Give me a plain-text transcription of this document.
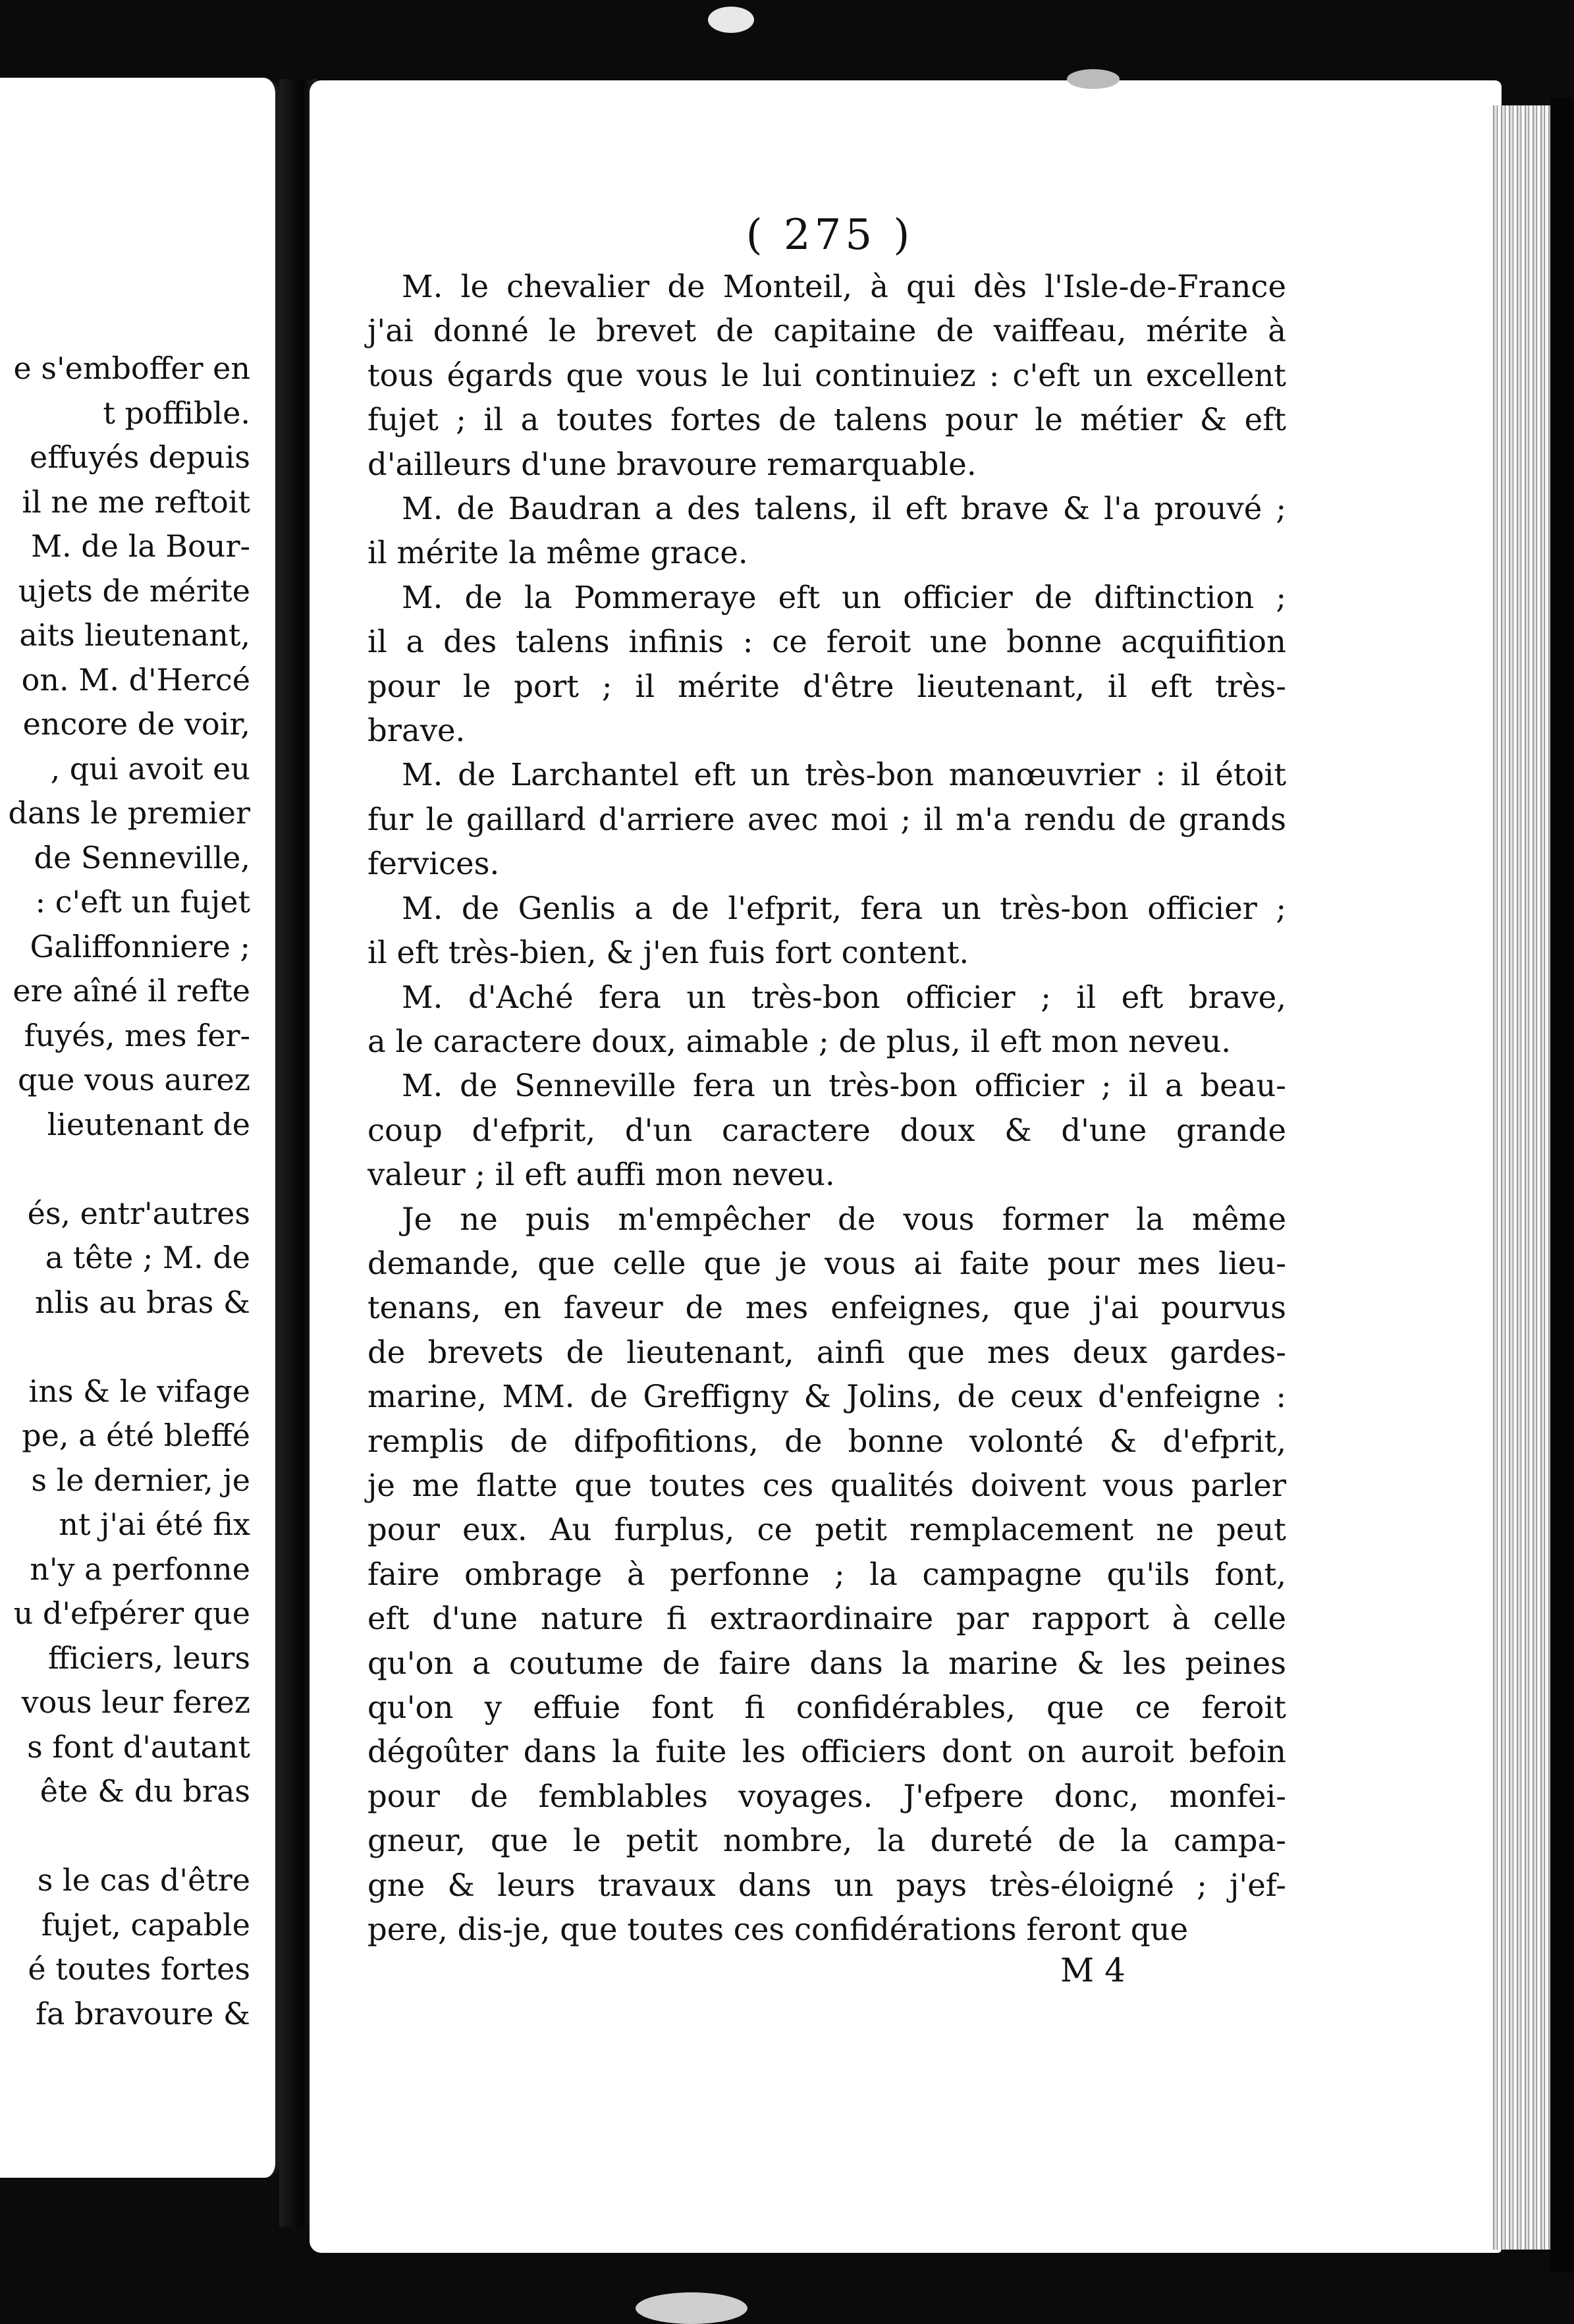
e s'emboffer en
t poffible.
effuyés depuis
il ne me reftoit
M. de la Bour-
ujets de mérite
aits lieutenant,
on. M. d'Hercé
encore de voir,
, qui avoit eu
dans le premier
de Senneville,
: c'eft un fujet
Galiffonniere ;
ere aîné il refte
fuyés, mes fer-
que vous aurez
lieutenant de
és, entr'autres
a tête ; M. de
nlis au bras &
ins & le vifage
pe, a été bleffé
s le dernier, je
nt j'ai été fix
n'y a perfonne
u d'efpérer que
fficiers, leurs
vous leur ferez
s font d'autant
ête & du bras
s le cas d'être
fujet, capable
é toutes fortes
fa bravoure &
( 275 )

M. le chevalier de Monteil, à qui dès l'Isle-de-France
j'ai donné le brevet de capitaine de vaiffeau, mérite à
tous égards que vous le lui continuiez : c'eft un excellent
fujet ; il a toutes fortes de talens pour le métier & eft
d'ailleurs d'une bravoure remarquable.

M. de Baudran a des talens, il eft brave & l'a prouvé ;
il mérite la même grace.

M. de la Pommeraye eft un officier de diftinction ;
il a des talens infinis : ce feroit une bonne acquifition
pour le port ; il mérite d'être lieutenant, il eft très-
brave.

M. de Larchantel eft un très-bon manœuvrier : il étoit
fur le gaillard d'arriere avec moi ; il m'a rendu de grands
fervices.

M. de Genlis a de l'efprit, fera un très-bon officier ;
il eft très-bien, & j'en fuis fort content.

M. d'Aché fera un très-bon officier ; il eft brave,
a le caractere doux, aimable ; de plus, il eft mon neveu.

M. de Senneville fera un très-bon officier ; il a beau-
coup d'efprit, d'un caractere doux & d'une grande
valeur ; il eft auffi mon neveu.

Je ne puis m'empêcher de vous former la même
demande, que celle que je vous ai faite pour mes lieu-
tenans, en faveur de mes enfeignes, que j'ai pourvus
de brevets de lieutenant, ainfi que mes deux gardes-
marine, MM. de Greffigny & Jolins, de ceux d'enfeigne :
remplis de difpofitions, de bonne volonté & d'efprit,
je me flatte que toutes ces qualités doivent vous parler
pour eux. Au furplus, ce petit remplacement ne peut
faire ombrage à perfonne ; la campagne qu'ils font,
eft d'une nature fi extraordinaire par rapport à celle
qu'on a coutume de faire dans la marine & les peines
qu'on y effuie font fi confidérables, que ce feroit
dégoûter dans la fuite les officiers dont on auroit befoin
pour de femblables voyages. J'efpere donc, monfei-
gneur, que le petit nombre, la dureté de la campa-
gne & leurs travaux dans un pays très-éloigné ; j'ef-
pere, dis-je, que toutes ces confidérations feront que

M 4
